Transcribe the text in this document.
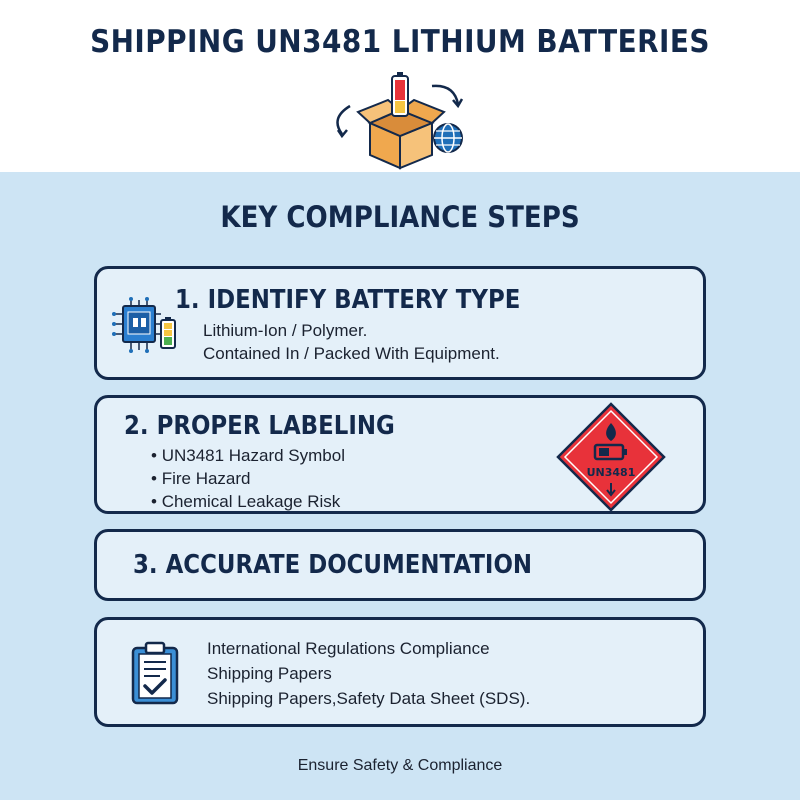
SHIPPING UN3481 LITHIUM BATTERIES
KEY COMPLIANCE STEPS
1. IDENTIFY BATTERY TYPE
Lithium-Ion / Polymer.
Contained In / Packed With Equipment.
2. PROPER LABELING
• UN3481 Hazard Symbol
• Fire Hazard
• Chemical Leakage Risk
UN3481
3. ACCURATE DOCUMENTATION
International Regulations Compliance
Shipping Papers
Shipping Papers,Safety Data Sheet (SDS).
Ensure Safety & Compliance
